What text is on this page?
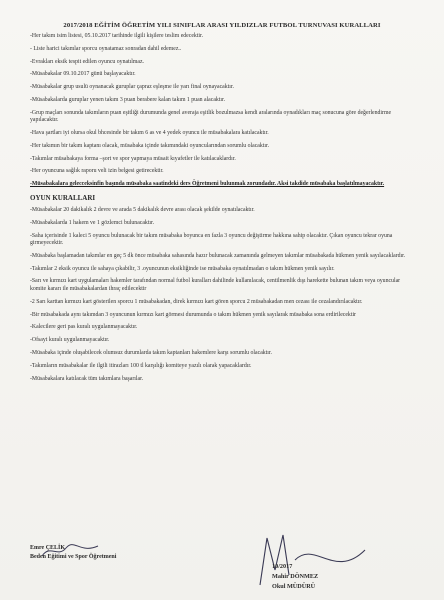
2017/2018 EĞİTİM ÖĞRETİM YILI SINIFLAR ARASI YILDIZLAR FUTBOL TURNUVASI KURALLARI
-Her takım isim listesi, 05.10.2017 tarihinde ilgili kişilere teslim edecektir.
- Liste harici takımlar sporcu oynatamaz sonradan dahil edemez..
-Evrakları eksik tespit edilen oyuncu oynatılmaz.
-Müsabakalar 09.10.2017 günü başlayacaktır.
-Müsabakalar grup usulü oynanacak guruplar çapraz eşleşme ile yarı final oynayacaktır.
-Müsabakalarda guruplar yenen takım 3 puan berabere kalan takım 1 puan alacaktır.
-Grup maçları sonunda takımların puan eşitliği durumunda genel averaja eşitlik bozulmazsa kendi aralarında oynadıkları maç sonucuna göre değerlendirme yapılacaktır.
-Hava şartları iyi olursa okul bhcesinde bir takım 6 as ve 4 yedek oyuncu ile müsabakalara katılacaktır.
-Her takımın bir takım kaptanı olacak, müsabaka içinde takımındaki oyuncularından sorumlu olacaktır.
-Takımlar müsabakaya forma –şort ve spor yapmaya müsait kıyafetler ile katılacaklardır.
-Her oyuncuna sağlık raporu veli izin belgesi getirecektir.
-Müsabakalara gelecceksinfin başında müsabaka saatindeki ders Öğretmeni bulunmak zorundadır. Aksi takdide müsabaka başlatılmayacaktır.
OYUN KURALLARI
-Müsabakalar 20 dakikalık 2 devre ve arada 5 dakikalık devre arası olacak şekilde oynatılacaktır.
-Müsabakalarda 1 hakem ve 1 gözlemci bulunacaktır.
-Saha içerisinde 1 kaleci 5 oyuncu bulunacak bir takım müsabaka boyunca en fazla 3 oyuncu değiştirme hakkına sahip olacaktır. Çıkan oyuncu tekrar oyuna girmeyecektir.
-Müsabaka başlamadan takımlar en geç 5 dk önce müsabaka sahasında hazır bulunacak zamanında gelmeyen takımlar müsabakada hükmen yenik sayılacaklardır.
-Takımlar 2 eksik oyuncu ile sahaya çıkabilir, 3 .oyuncunun eksikliğinde ise müsabaka oynatılmadan o takım hükmen yenik sayılır.
-Sarı ve kırmızı kart uygulamaları hakemler tarafından normal futbol kuralları dahilinde kullanılacak, centilmenlik dışı harekette bulunan takım veya oyuncular komite kararı ile müsabakalardan ihraç edilecektir
-2 Sarı karttan kırmızı kart gösterilen sporcu 1 müsabakadan, direk kırmızı kart gören sporcu 2 müsabakadan men cezası ile cezalandırılacaktır.
-Bir müsabakada aynı takımdan 3 oyuncunun kırmızı kart görmesi durumunda o takım hükmen yenik sayılarak müsabaka sona erdirilecektir
-Kalecilere geri pas kuralı uygulanmayacaktır.
-Ofsayt kuralı uygulanmayacaktır.
-Müsabaka içinde oluşabilecek olumsuz durumlarda takım kaptanları hakemlere karşı sorumlu olacaktır.
-Takımların müsabakalar ile ilgili itirazları 100 tl karşılığı komiteye yazılı olarak yapacaklardır.
-Müsabakalara katılacak tüm takımlara başarılar.
Emre ÇELİK
Beden Eğitimi ve Spor Öğretmeni
10/2017
Mahir DÖNMEZ
Okul MÜDÜRÜ
